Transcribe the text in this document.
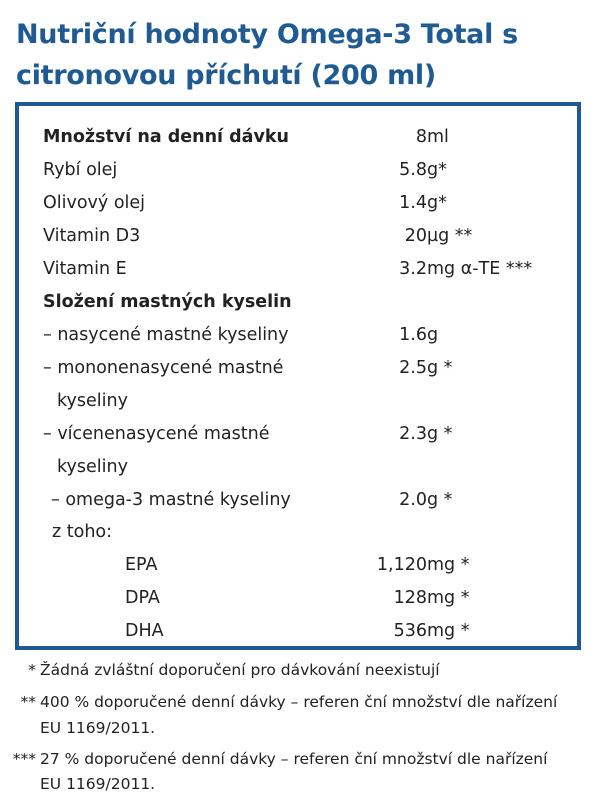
Nutriční hodnoty Omega-3 Total s
citronovou příchutí (200 ml)
Množství na denní dávku	8 ml
Rybí olej	5.8 g*
Olivový olej	1.4 g*
Vitamin D3	20 µg **
Vitamin E	3.2 mg α-TE ***
Složení mastných kyselin
– nasycené mastné kyseliny	1.6 g
– mononenasycené mastné	2.5 g *
kyseliny
– vícenenasycené mastné	2.3 g *
kyseliny
– omega-3 mastné kyseliny	2.0 g *
z toho:
EPA	1,120 mg *
DPA	128 mg *
DHA	536 mg *
* Žádná zvláštní doporučení pro dávkování neexistují
** 400 % doporučené denní dávky – referen ční množství dle nařízení
EU 1169/2011.
*** 27 % doporučené denní dávky – referen ční množství dle nařízení
EU 1169/2011.
